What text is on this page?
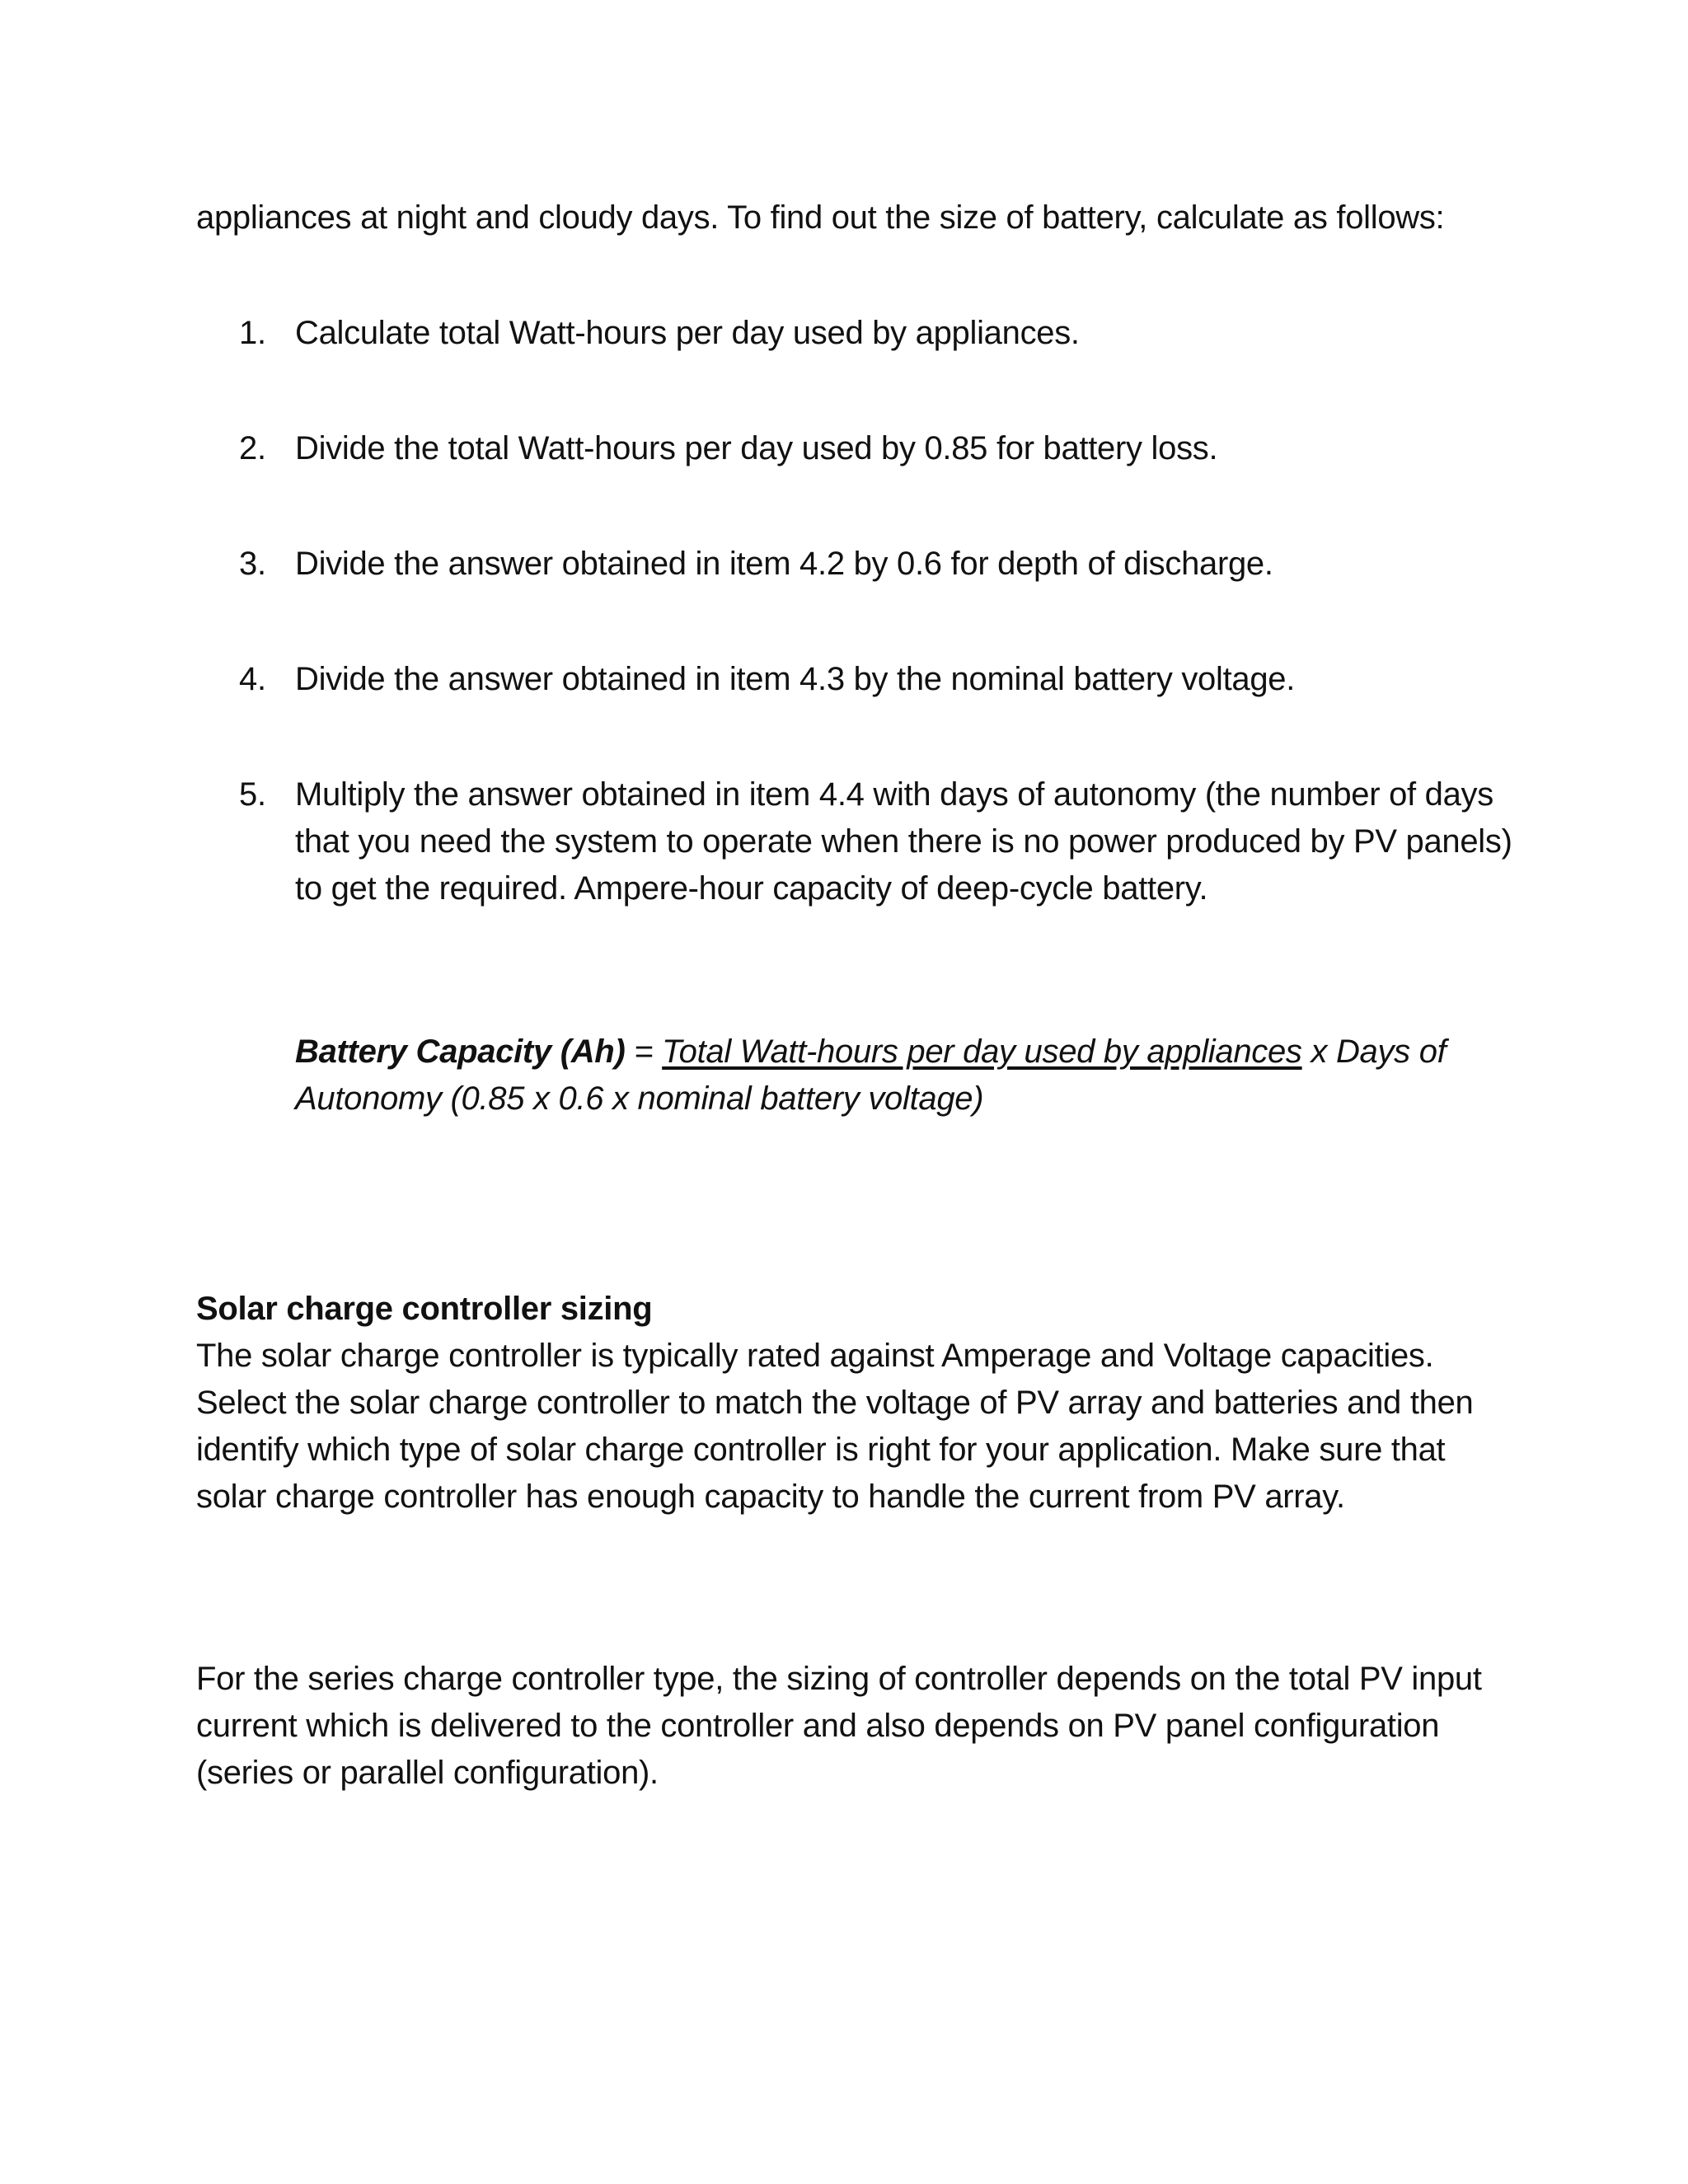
appliances at night and cloudy days. To find out the size of battery, calculate as follows:
1. Calculate total Watt-hours per day used by appliances.
2. Divide the total Watt-hours per day used by 0.85 for battery loss.
3. Divide the answer obtained in item 4.2 by 0.6 for depth of discharge.
4. Divide the answer obtained in item 4.3 by the nominal battery voltage.
5. Multiply the answer obtained in item 4.4 with days of autonomy (the number of days that you need the system to operate when there is no power produced by PV panels) to get the required. Ampere-hour capacity of deep-cycle battery.
Battery Capacity (Ah) = Total Watt-hours per day used by appliances x Days of Autonomy (0.85 x 0.6 x nominal battery voltage)
Solar charge controller sizing
The solar charge controller is typically rated against Amperage and Voltage capacities. Select the solar charge controller to match the voltage of PV array and batteries and then identify which type of solar charge controller is right for your application. Make sure that solar charge controller has enough capacity to handle the current from PV array.
For the series charge controller type, the sizing of controller depends on the total PV input current which is delivered to the controller and also depends on PV panel configuration (series or parallel configuration).
